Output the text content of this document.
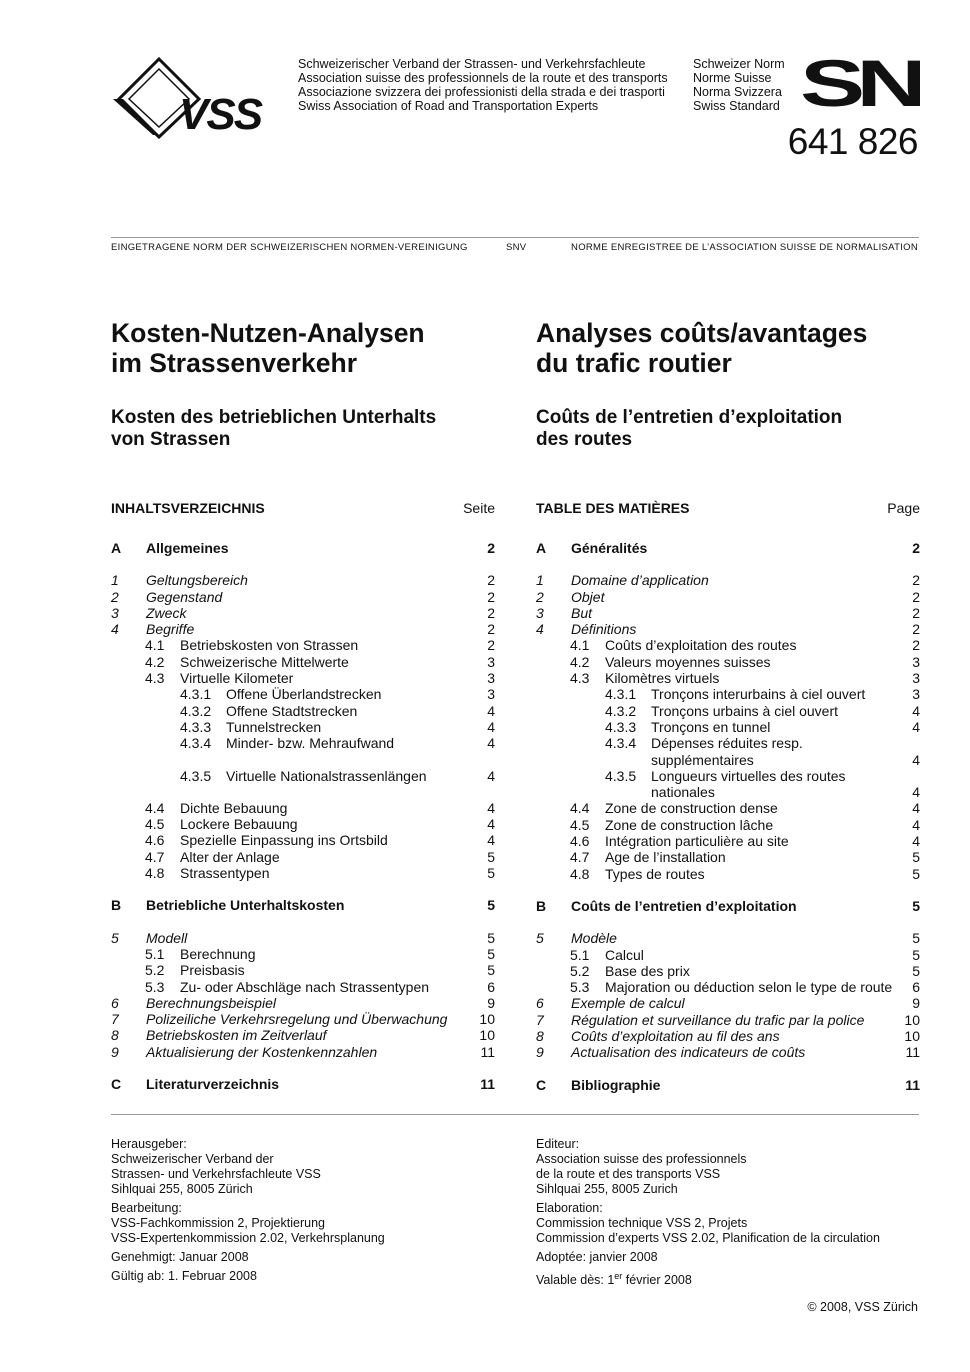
VSS
Schweizerischer Verband der Strassen- und Verkehrsfachleute
Association suisse des professionnels de la route et des transports
Associazione svizzera dei professionisti della strada e dei trasporti
Swiss Association of Road and Transportation Experts
Schweizer Norm
Norme Suisse
Norma Svizzera
Swiss Standard SN
641 826
EINGETRAGENE NORM DER SCHWEIZERISCHEN NORMEN-VEREINIGUNG	SNV	NORME ENREGISTREE DE L’ASSOCIATION SUISSE DE NORMALISATION
Kosten-Nutzen-Analysen
im Strassenverkehr
Kosten des betrieblichen Unterhalts
von Strassen
INHALTSVERZEICHNIS	Seite
A	Allgemeines	2
1	Geltungsbereich	2
2	Gegenstand	2
3	Zweck	2
4	Begriffe	2
4.1	Betriebskosten von Strassen	2
4.2	Schweizerische Mittelwerte	3
4.3	Virtuelle Kilometer	3
4.3.1	Offene Überlandstrecken	3
4.3.2	Offene Stadtstrecken	4
4.3.3	Tunnelstrecken	4
4.3.4	Minder- bzw. Mehraufwand	4
4.3.5	Virtuelle Nationalstrassenlängen	4
4.4	Dichte Bebauung	4
4.5	Lockere Bebauung	4
4.6	Spezielle Einpassung ins Ortsbild	4
4.7	Alter der Anlage	5
4.8	Strassentypen	5
B	Betriebliche Unterhaltskosten	5
5	Modell	5
5.1	Berechnung	5
5.2	Preisbasis	5
5.3	Zu- oder Abschläge nach Strassentypen	6
6	Berechnungsbeispiel	9
7	Polizeiliche Verkehrsregelung und Überwachung	10
8	Betriebskosten im Zeitverlauf	10
9	Aktualisierung der Kostenkennzahlen	11
C	Literaturverzeichnis	11
Analyses coûts/avantages
du trafic routier
Coûts de l’entretien d’exploitation
des routes
TABLE DES MATIÈRES	Page
A	Généralités	2
1	Domaine d’application	2
2	Objet	2
3	But	2
4	Définitions	2
4.1	Coûts d’exploitation des routes	2
4.2	Valeurs moyennes suisses	3
4.3	Kilomètres virtuels	3
4.3.1	Tronçons interurbains à ciel ouvert	3
4.3.2	Tronçons urbains à ciel ouvert	4
4.3.3	Tronçons en tunnel	4
4.3.4	Dépenses réduites resp.
supplémentaires	4
4.3.5	Longueurs virtuelles des routes
nationales	4
4.4	Zone de construction dense	4
4.5	Zone de construction lâche	4
4.6	Intégration particulière au site	4
4.7	Age de l’installation	5
4.8	Types de routes	5
B	Coûts de l’entretien d’exploitation	5
5	Modèle	5
5.1	Calcul	5
5.2	Base des prix	5
5.3	Majoration ou déduction selon le type de route	6
6	Exemple de calcul	9
7	Régulation et surveillance du trafic par la police	10
8	Coûts d’exploitation au fil des ans	10
9	Actualisation des indicateurs de coûts	11
C	Bibliographie	11

Herausgeber:
Schweizerischer Verband der
Strassen- und Verkehrsfachleute VSS
Sihlquai 255, 8005 Zürich

Bearbeitung:
VSS-Fachkommission 2, Projektierung
VSS-Expertenkommission 2.02, Verkehrsplanung

Genehmigt: Januar 2008

Gültig ab: 1. Februar 2008

Editeur:
Association suisse des professionnels
de la route et des transports VSS
Sihlquai 255, 8005 Zurich

Elaboration:
Commission technique VSS 2, Projets
Commission d’experts VSS 2.02, Planification de la circulation

Adoptée: janvier 2008

Valable dès: 1er février 2008

© 2008, VSS Zürich
